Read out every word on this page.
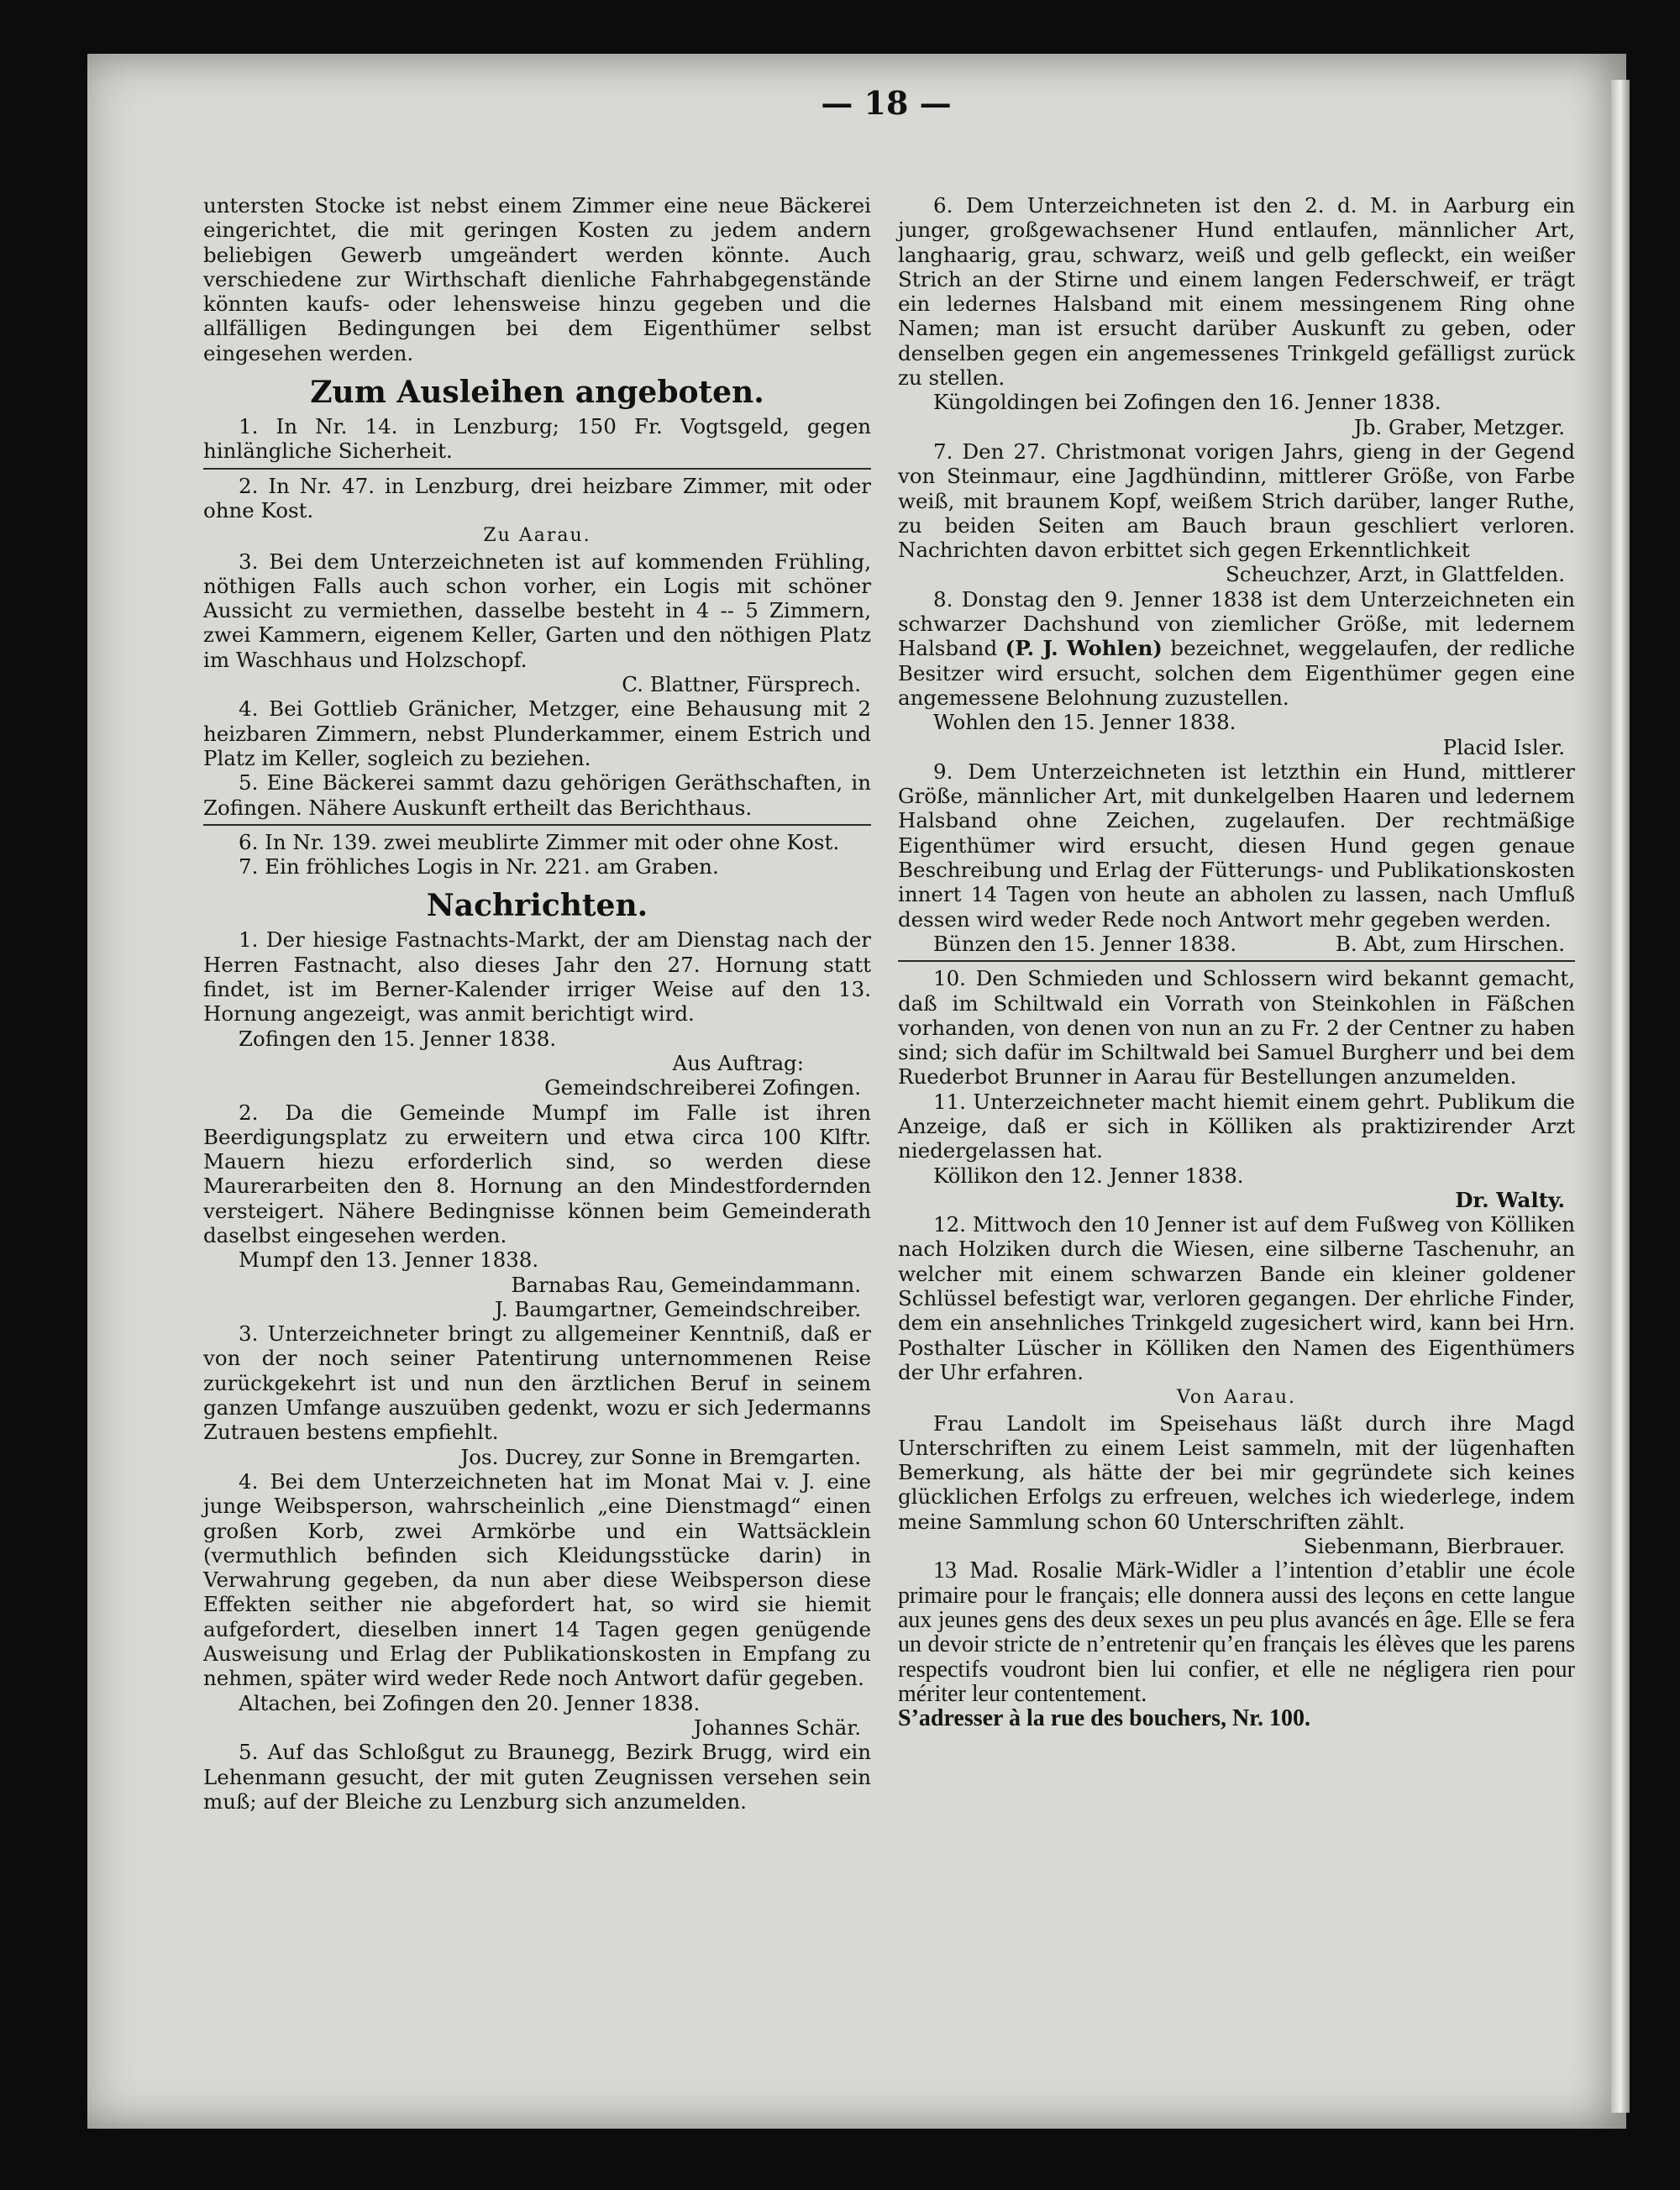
— 18 —

untersten Stocke ist nebst einem Zimmer eine neue Bäckerei eingerichtet, die mit geringen Kosten zu jedem andern beliebigen Gewerb umgeändert werden könnte. Auch verschiedene zur Wirthschaft dienliche Fahrhabgegenstände könnten kaufs- oder lehensweise hinzu gegeben und die allfälligen Bedingungen bei dem Eigenthümer selbst eingesehen werden.

Zum Ausleihen angeboten.

1. In Nr. 14. in Lenzburg; 150 Fr. Vogtsgeld, gegen hinlängliche Sicherheit.

2. In Nr. 47. in Lenzburg, drei heizbare Zimmer, mit oder ohne Kost.

Zu Aarau.

3. Bei dem Unterzeichneten ist auf kommenden Frühling, nöthigen Falls auch schon vorher, ein Logis mit schöner Aussicht zu vermiethen, dasselbe besteht in 4 -- 5 Zimmern, zwei Kammern, eigenem Keller, Garten und den nöthigen Platz im Waschhaus und Holzschopf.

C. Blattner, Fürsprech.

4. Bei Gottlieb Gränicher, Metzger, eine Behausung mit 2 heizbaren Zimmern, nebst Plunderkammer, einem Estrich und Platz im Keller, sogleich zu beziehen.

5. Eine Bäckerei sammt dazu gehörigen Geräthschaften, in Zofingen. Nähere Auskunft ertheilt das Berichthaus.

6. In Nr. 139. zwei meublirte Zimmer mit oder ohne Kost.

7. Ein fröhliches Logis in Nr. 221. am Graben.

Nachrichten.

1. Der hiesige Fastnachts-Markt, der am Dienstag nach der Herren Fastnacht, also dieses Jahr den 27. Hornung statt findet, ist im Berner-Kalender irriger Weise auf den 13. Hornung angezeigt, was anmit berichtigt wird.

Zofingen den 15. Jenner 1838.
Aus Auftrag:
Gemeindschreiberei Zofingen.

2. Da die Gemeinde Mumpf im Falle ist ihren Beerdigungsplatz zu erweitern und etwa circa 100 Klftr. Mauern hiezu erforderlich sind, so werden diese Maurerarbeiten den 8. Hornung an den Mindestfordernden versteigert. Nähere Bedingnisse können beim Gemeinderath daselbst eingesehen werden.

Mumpf den 13. Jenner 1838.
Barnabas Rau, Gemeindammann.
J. Baumgartner, Gemeindschreiber.

3. Unterzeichneter bringt zu allgemeiner Kenntniß, daß er von der noch seiner Patentirung unternommenen Reise zurückgekehrt ist und nun den ärztlichen Beruf in seinem ganzen Umfange auszuüben gedenkt, wozu er sich Jedermanns Zutrauen bestens empfiehlt.

Jos. Ducrey, zur Sonne in Bremgarten.

4. Bei dem Unterzeichneten hat im Monat Mai v. J. eine junge Weibsperson, wahrscheinlich „eine Dienstmagd“ einen großen Korb, zwei Armkörbe und ein Wattsäcklein (vermuthlich befinden sich Kleidungsstücke darin) in Verwahrung gegeben, da nun aber diese Weibsperson diese Effekten seither nie abgefordert hat, so wird sie hiemit aufgefordert, dieselben innert 14 Tagen gegen genügende Ausweisung und Erlag der Publikationskosten in Empfang zu nehmen, später wird weder Rede noch Antwort dafür gegeben.

Altachen, bei Zofingen den 20. Jenner 1838.
Johannes Schär.

5. Auf das Schloßgut zu Braunegg, Bezirk Brugg, wird ein Lehenmann gesucht, der mit guten Zeugnissen versehen sein muß; auf der Bleiche zu Lenzburg sich anzumelden.

6. Dem Unterzeichneten ist den 2. d. M. in Aarburg ein junger, großgewachsener Hund entlaufen, männlicher Art, langhaarig, grau, schwarz, weiß und gelb gefleckt, ein weißer Strich an der Stirne und einem langen Federschweif, er trägt ein ledernes Halsband mit einem messingenem Ring ohne Namen; man ist ersucht darüber Auskunft zu geben, oder denselben gegen ein angemessenes Trinkgeld gefälligst zurück zu stellen.

Küngoldingen bei Zofingen den 16. Jenner 1838.
Jb. Graber, Metzger.

7. Den 27. Christmonat vorigen Jahrs, gieng in der Gegend von Steinmaur, eine Jagdhündinn, mittlerer Größe, von Farbe weiß, mit braunem Kopf, weißem Strich darüber, langer Ruthe, zu beiden Seiten am Bauch braun geschliert verloren. Nachrichten davon erbittet sich gegen Erkenntlichkeit

Scheuchzer, Arzt, in Glattfelden.

8. Donstag den 9. Jenner 1838 ist dem Unterzeichneten ein schwarzer Dachshund von ziemlicher Größe, mit ledernem Halsband (P. J. Wohlen) bezeichnet, weggelaufen, der redliche Besitzer wird ersucht, solchen dem Eigenthümer gegen eine angemessene Belohnung zuzustellen.

Wohlen den 15. Jenner 1838.
Placid Isler.

9. Dem Unterzeichneten ist letzthin ein Hund, mittlerer Größe, männlicher Art, mit dunkelgelben Haaren und ledernem Halsband ohne Zeichen, zugelaufen. Der rechtmäßige Eigenthümer wird ersucht, diesen Hund gegen genaue Beschreibung und Erlag der Fütterungs- und Publikationskosten innert 14 Tagen von heute an abholen zu lassen, nach Umfluß dessen wird weder Rede noch Antwort mehr gegeben werden.

Bünzen den 15. Jenner 1838.	B. Abt, zum Hirschen.

10. Den Schmieden und Schlossern wird bekannt gemacht, daß im Schiltwald ein Vorrath von Steinkohlen in Fäßchen vorhanden, von denen von nun an zu Fr. 2 der Centner zu haben sind; sich dafür im Schiltwald bei Samuel Burgherr und bei dem Ruederbot Brunner in Aarau für Bestellungen anzumelden.

11. Unterzeichneter macht hiemit einem gehrt. Publikum die Anzeige, daß er sich in Kölliken als praktizirender Arzt niedergelassen hat.

Köllikon den 12. Jenner 1838.
Dr. Walty.

12. Mittwoch den 10 Jenner ist auf dem Fußweg von Kölliken nach Holziken durch die Wiesen, eine silberne Taschenuhr, an welcher mit einem schwarzen Bande ein kleiner goldener Schlüssel befestigt war, verloren gegangen. Der ehrliche Finder, dem ein ansehnliches Trinkgeld zugesichert wird, kann bei Hrn. Posthalter Lüscher in Kölliken den Namen des Eigenthümers der Uhr erfahren.

Von Aarau.

Frau Landolt im Speisehaus läßt durch ihre Magd Unterschriften zu einem Leist sammeln, mit der lügenhaften Bemerkung, als hätte der bei mir gegründete sich keines glücklichen Erfolgs zu erfreuen, welches ich wiederlege, indem meine Sammlung schon 60 Unterschriften zählt.

Siebenmann, Bierbrauer.

13 Mad. Rosalie Märk-Widler a l’intention d’etablir une école primaire pour le français; elle donnera aussi des leçons en cette langue aux jeunes gens des deux sexes un peu plus avancés en âge. Elle se fera un devoir stricte de n’entretenir qu’en français les élèves que les parens respectifs voudront bien lui confier, et elle ne négligera rien pour mériter leur contentement.

S’adresser à la rue des bouchers, Nr. 100.
